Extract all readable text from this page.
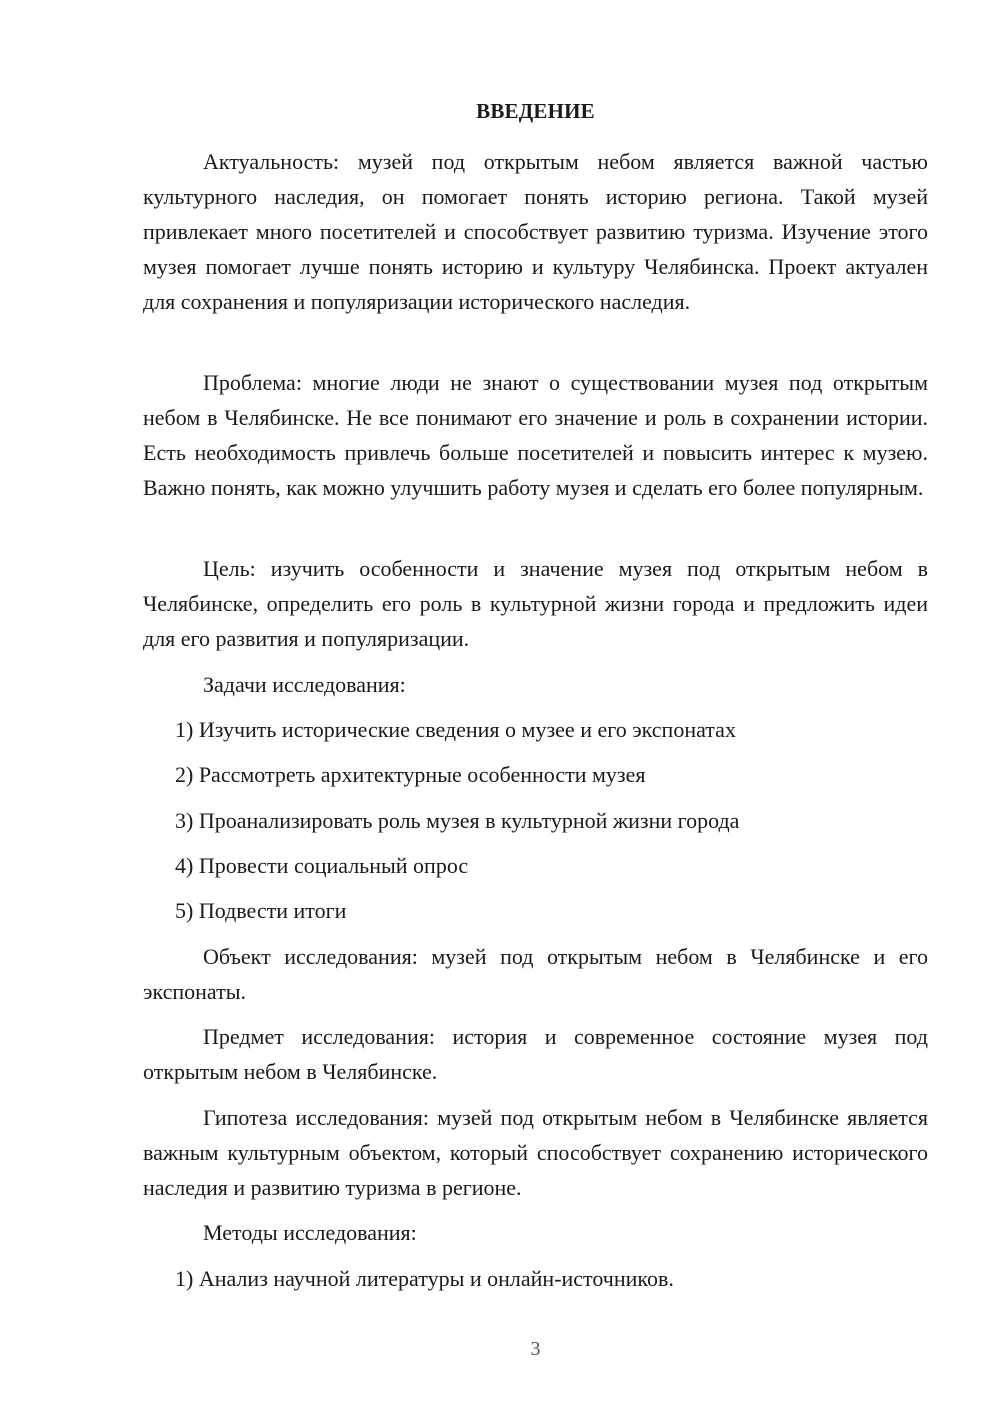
ВВЕДЕНИЕ

Актуальность: музей под открытым небом является важной частью культурного наследия, он помогает понять историю региона. Такой музей привлекает много посетителей и способствует развитию туризма. Изучение этого музея помогает лучше понять историю и культуру Челябинска. Проект актуален для сохранения и популяризации исторического наследия.

Проблема: многие люди не знают о существовании музея под открытым небом в Челябинске. Не все понимают его значение и роль в сохранении истории. Есть необходимость привлечь больше посетителей и повысить интерес к музею. Важно понять, как можно улучшить работу музея и сделать его более популярным.

Цель: изучить особенности и значение музея под открытым небом в Челябинске, определить его роль в культурной жизни города и предложить идеи для его развития и популяризации.

Задачи исследования:

1) Изучить исторические сведения о музее и его экспонатах

2) Рассмотреть архитектурные особенности музея

3) Проанализировать роль музея в культурной жизни города

4) Провести социальный опрос

5) Подвести итоги

Объект исследования: музей под открытым небом в Челябинске и его экспонаты.

Предмет исследования: история и современное состояние музея под открытым небом в Челябинске.

Гипотеза исследования: музей под открытым небом в Челябинске является важным культурным объектом, который способствует сохранению исторического наследия и развитию туризма в регионе.

Методы исследования:

1) Анализ научной литературы и онлайн-источников.

3
